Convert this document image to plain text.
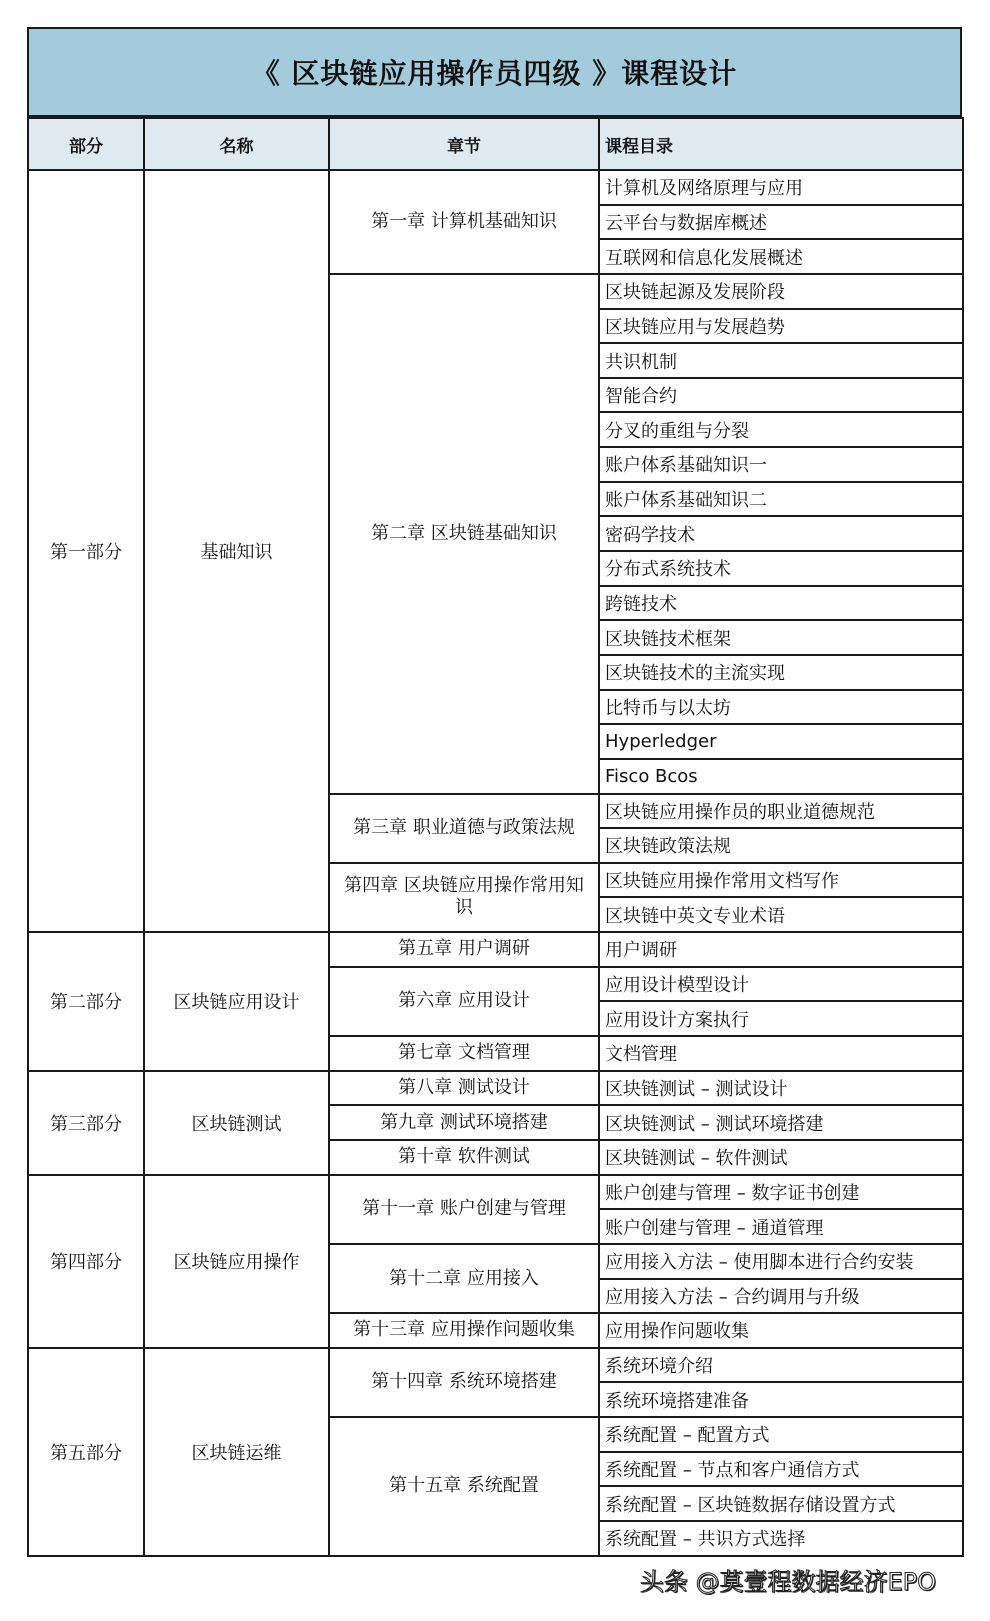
《 区块链应用操作员四级 》课程设计
部分	名称	章节	课程目录
第一部分	基础知识	第一章 计算机基础知识	计算机及网络原理与应用
			云平台与数据库概述
			互联网和信息化发展概述
		第二章 区块链基础知识	区块链起源及发展阶段
			区块链应用与发展趋势
			共识机制
			智能合约
			分叉的重组与分裂
			账户体系基础知识一
			账户体系基础知识二
			密码学技术
			分布式系统技术
			跨链技术
			区块链技术框架
			区块链技术的主流实现
			比特币与以太坊
			Hyperledger
			Fisco Bcos
		第三章 职业道德与政策法规	区块链应用操作员的职业道德规范
			区块链政策法规
		第四章 区块链应用操作常用知识	区块链应用操作常用文档写作
			区块链中英文专业术语
第二部分	区块链应用设计	第五章 用户调研	用户调研
		第六章 应用设计	应用设计模型设计
			应用设计方案执行
		第七章 文档管理	文档管理
第三部分	区块链测试	第八章 测试设计	区块链测试 – 测试设计
		第九章 测试环境搭建	区块链测试 – 测试环境搭建
		第十章 软件测试	区块链测试 – 软件测试
第四部分	区块链应用操作	第十一章 账户创建与管理	账户创建与管理 – 数字证书创建
			账户创建与管理 – 通道管理
		第十二章 应用接入	应用接入方法 – 使用脚本进行合约安装
			应用接入方法 – 合约调用与升级
		第十三章 应用操作问题收集	应用操作问题收集
第五部分	区块链运维	第十四章 系统环境搭建	系统环境介绍
			系统环境搭建准备
		第十五章 系统配置	系统配置 – 配置方式
			系统配置 – 节点和客户通信方式
			系统配置 – 区块链数据存储设置方式
			系统配置 – 共识方式选择
头条 @莫壹程数据经济EPO
